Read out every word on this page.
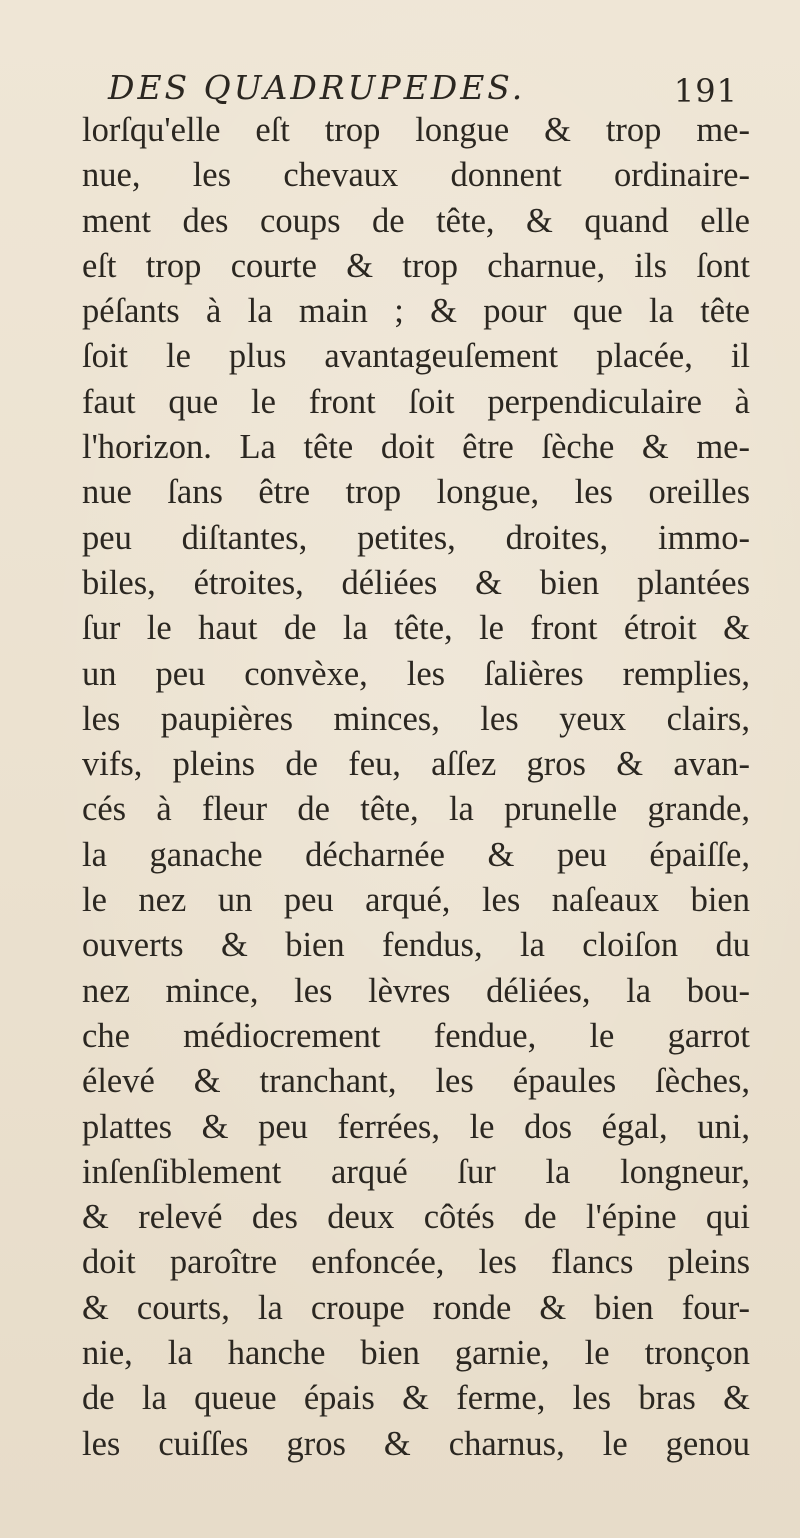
DES QUADRUPEDES.	191
lorſqu'elle eſt trop longue & trop me-
nue, les chevaux donnent ordinaire-
ment des coups de tête, & quand elle
eſt trop courte & trop charnue, ils ſont
péſants à la main ; & pour que la tête
ſoit le plus avantageuſement placée, il
faut que le front ſoit perpendiculaire à
l'horizon. La tête doit être ſèche & me-
nue ſans être trop longue, les oreilles
peu diſtantes, petites, droites, immo-
biles, étroites, déliées & bien plantées
ſur le haut de la tête, le front étroit &
un peu convèxe, les ſalières remplies,
les paupières minces, les yeux clairs,
vifs, pleins de feu, aſſez gros & avan-
cés à fleur de tête, la prunelle grande,
la ganache décharnée & peu épaiſſe,
le nez un peu arqué, les naſeaux bien
ouverts & bien fendus, la cloiſon du
nez mince, les lèvres déliées, la bou-
che médiocrement fendue, le garrot
élevé & tranchant, les épaules ſèches,
plattes & peu ferrées, le dos égal, uni,
inſenſiblement arqué ſur la longneur,
& relevé des deux côtés de l'épine qui
doit paroître enfoncée, les flancs pleins
& courts, la croupe ronde & bien four-
nie, la hanche bien garnie, le tronçon
de la queue épais & ferme, les bras &
les cuiſſes gros & charnus, le genou
